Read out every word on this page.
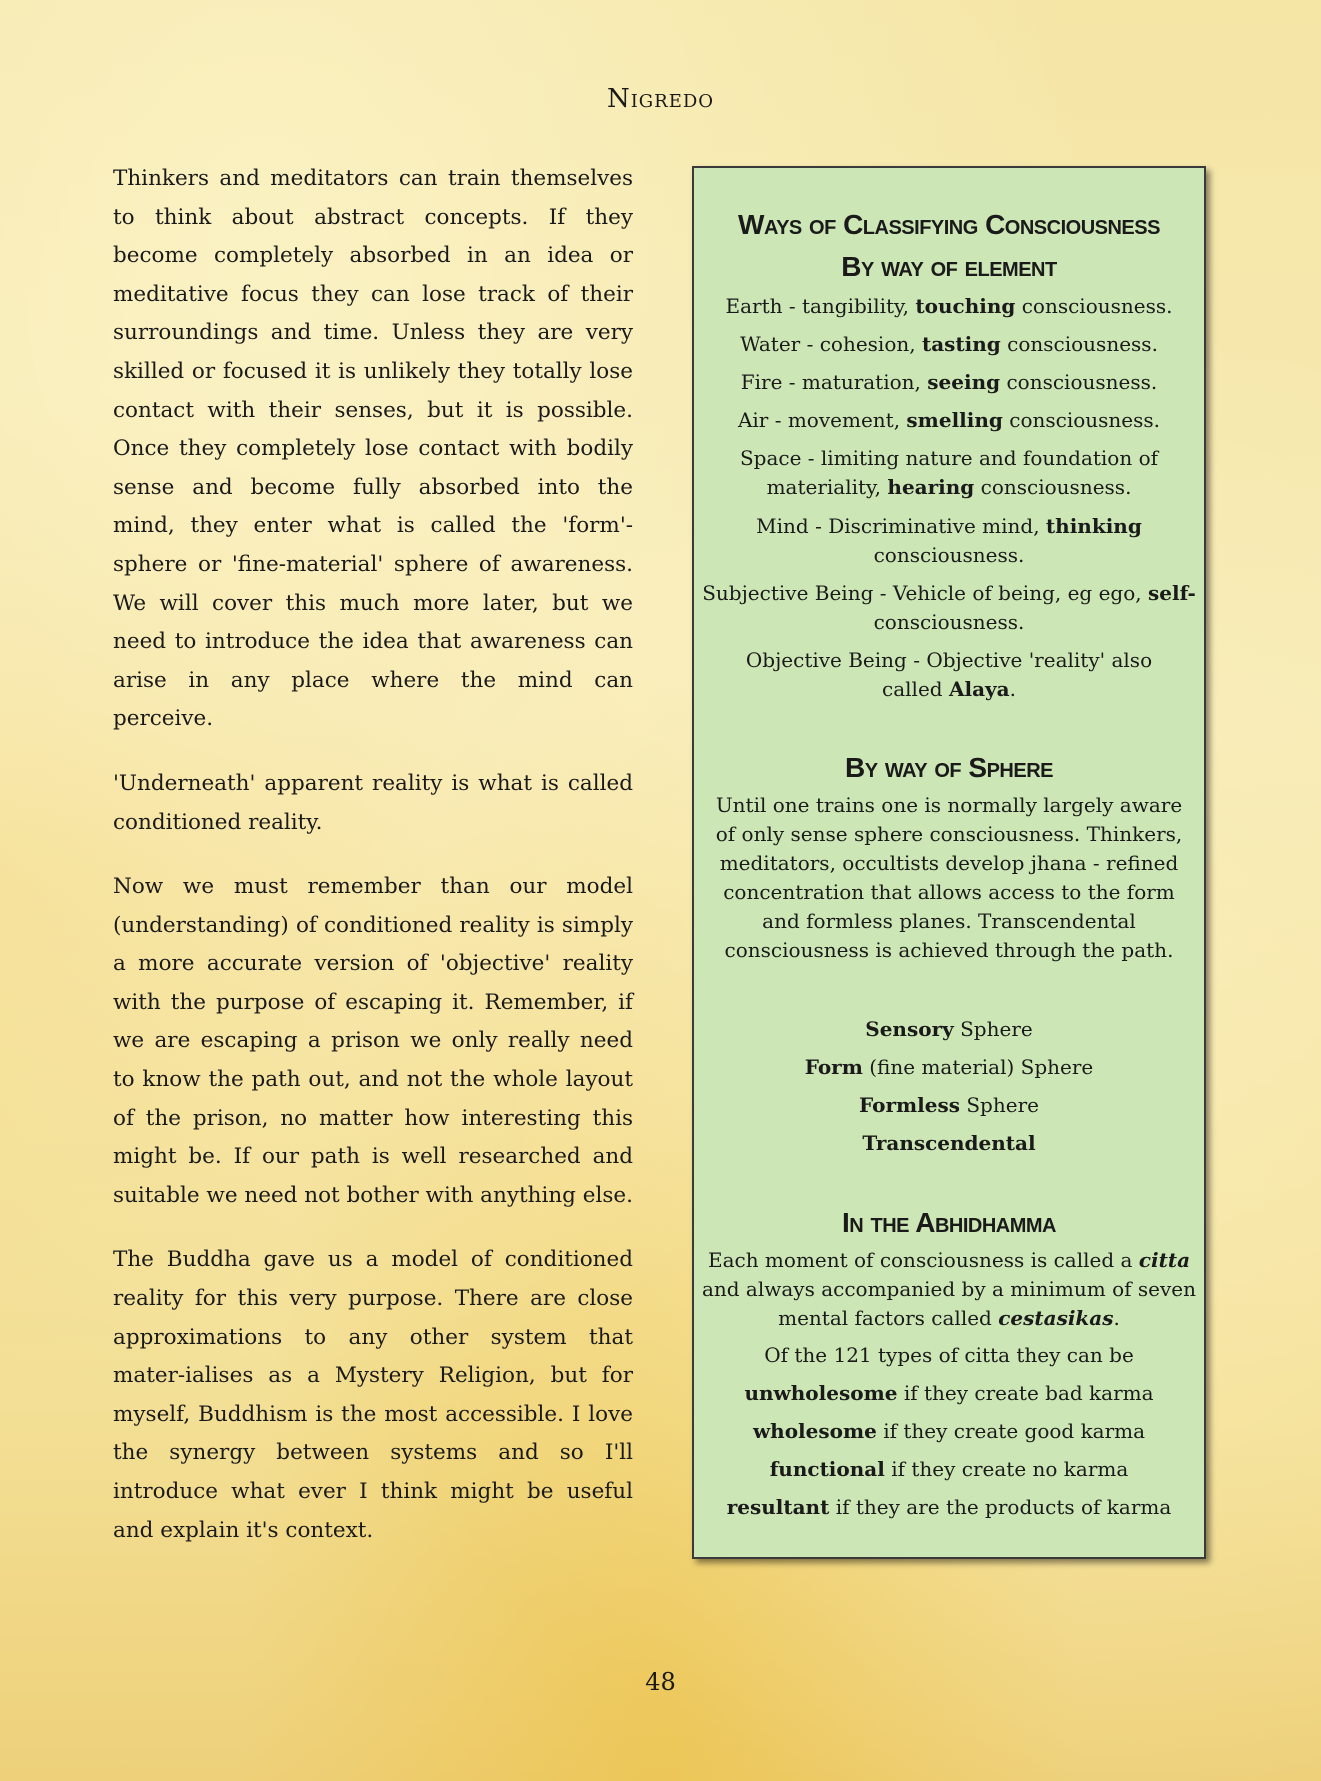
Nigredo

Thinkers and meditators can train themselves to think about abstract concepts. If they become completely absorbed in an idea or meditative focus they can lose track of their surroundings and time. Unless they are very skilled or focused it is unlikely they totally lose contact with their senses, but it is possible. Once they completely lose contact with bodily sense and become fully absorbed into the mind, they enter what is called the 'form'-sphere or 'fine-material' sphere of awareness. We will cover this much more later, but we need to introduce the idea that awareness can arise in any place where the mind can perceive.

'Underneath' apparent reality is what is called conditioned reality.

Now we must remember than our model (understanding) of conditioned reality is simply a more accurate version of 'objective' reality with the purpose of escaping it. Remember, if we are escaping a prison we only really need to know the path out, and not the whole layout of the prison, no matter how interesting this might be. If our path is well researched and suitable we need not bother with anything else.

The Buddha gave us a model of conditioned reality for this very purpose. There are close approximations to any other system that mater-ialises as a Mystery Religion, but for myself, Buddhism is the most accessible. I love the synergy between systems and so I'll introduce what ever I think might be useful and explain it's context.

Ways of Classifying Consciousness
By way of element
Earth - tangibility, touching consciousness.
Water - cohesion, tasting consciousness.
Fire - maturation, seeing consciousness.
Air - movement, smelling consciousness.
Space - limiting nature and foundation of materiality, hearing consciousness.
Mind - Discriminative mind, thinking consciousness.
Subjective Being - Vehicle of being, eg ego, self- consciousness.
Objective Being - Objective 'reality' also called Alaya.
By way of Sphere
Until one trains one is normally largely aware of only sense sphere consciousness. Thinkers, meditators, occultists develop jhana - refined concentration that allows access to the form and formless planes. Transcendental consciousness is achieved through the path.
Sensory Sphere
Form (fine material) Sphere
Formless Sphere
Transcendental
In the Abhidhamma
Each moment of consciousness is called a citta and always accompanied by a minimum of seven mental factors called cestasikas.
Of the 121 types of citta they can be
unwholesome if they create bad karma
wholesome if they create good karma
functional if they create no karma
resultant if they are the products of karma
48
